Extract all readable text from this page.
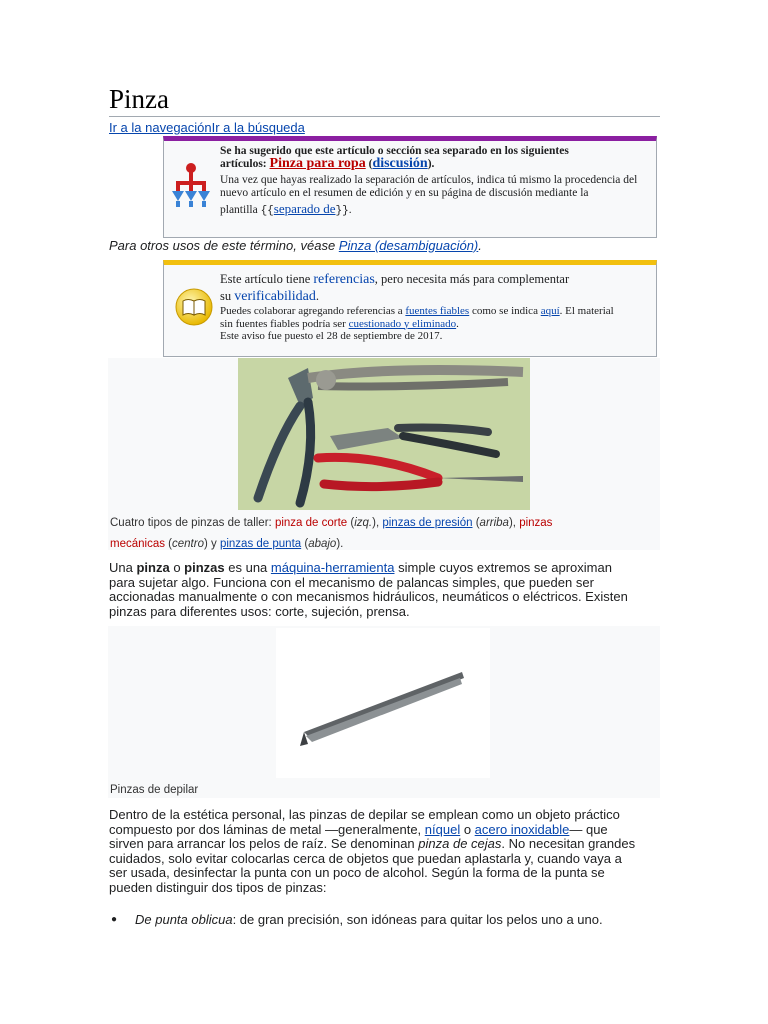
Pinza
Ir a la navegaciónIr a la búsqueda
Se ha sugerido que este artículo o sección sea separado en los siguientes
artículos: Pinza para ropa (discusión).
Una vez que hayas realizado la separación de artículos, indica tú mismo la procedencia del
nuevo artículo en el resumen de edición y en su página de discusión mediante la
plantilla {{separado de}}.
Para otros usos de este término, véase Pinza (desambiguación).
Este artículo tiene referencias, pero necesita más para complementar
su verificabilidad.
Puedes colaborar agregando referencias a fuentes fiables como se indica aquí. El material
sin fuentes fiables podría ser cuestionado y eliminado.
Este aviso fue puesto el 28 de septiembre de 2017.
Cuatro tipos de pinzas de taller: pinza de corte (izq.), pinzas de presión (arriba), pinzas
mecánicas (centro) y pinzas de punta (abajo).
Una pinza o pinzas es una máquina-herramienta simple cuyos extremos se aproximan
para sujetar algo. Funciona con el mecanismo de palancas simples, que pueden ser
accionadas manualmente o con mecanismos hidráulicos, neumáticos o eléctricos. Existen
pinzas para diferentes usos: corte, sujeción, prensa.
Pinzas de depilar
Dentro de la estética personal, las pinzas de depilar se emplean como un objeto práctico
compuesto por dos láminas de metal —generalmente, níquel o acero inoxidable— que
sirven para arrancar los pelos de raíz. Se denominan pinza de cejas. No necesitan grandes
cuidados, solo evitar colocarlas cerca de objetos que puedan aplastarla y, cuando vaya a
ser usada, desinfectar la punta con un poco de alcohol. Según la forma de la punta se
pueden distinguir dos tipos de pinzas:
● De punta oblicua: de gran precisión, son idóneas para quitar los pelos uno a uno.
